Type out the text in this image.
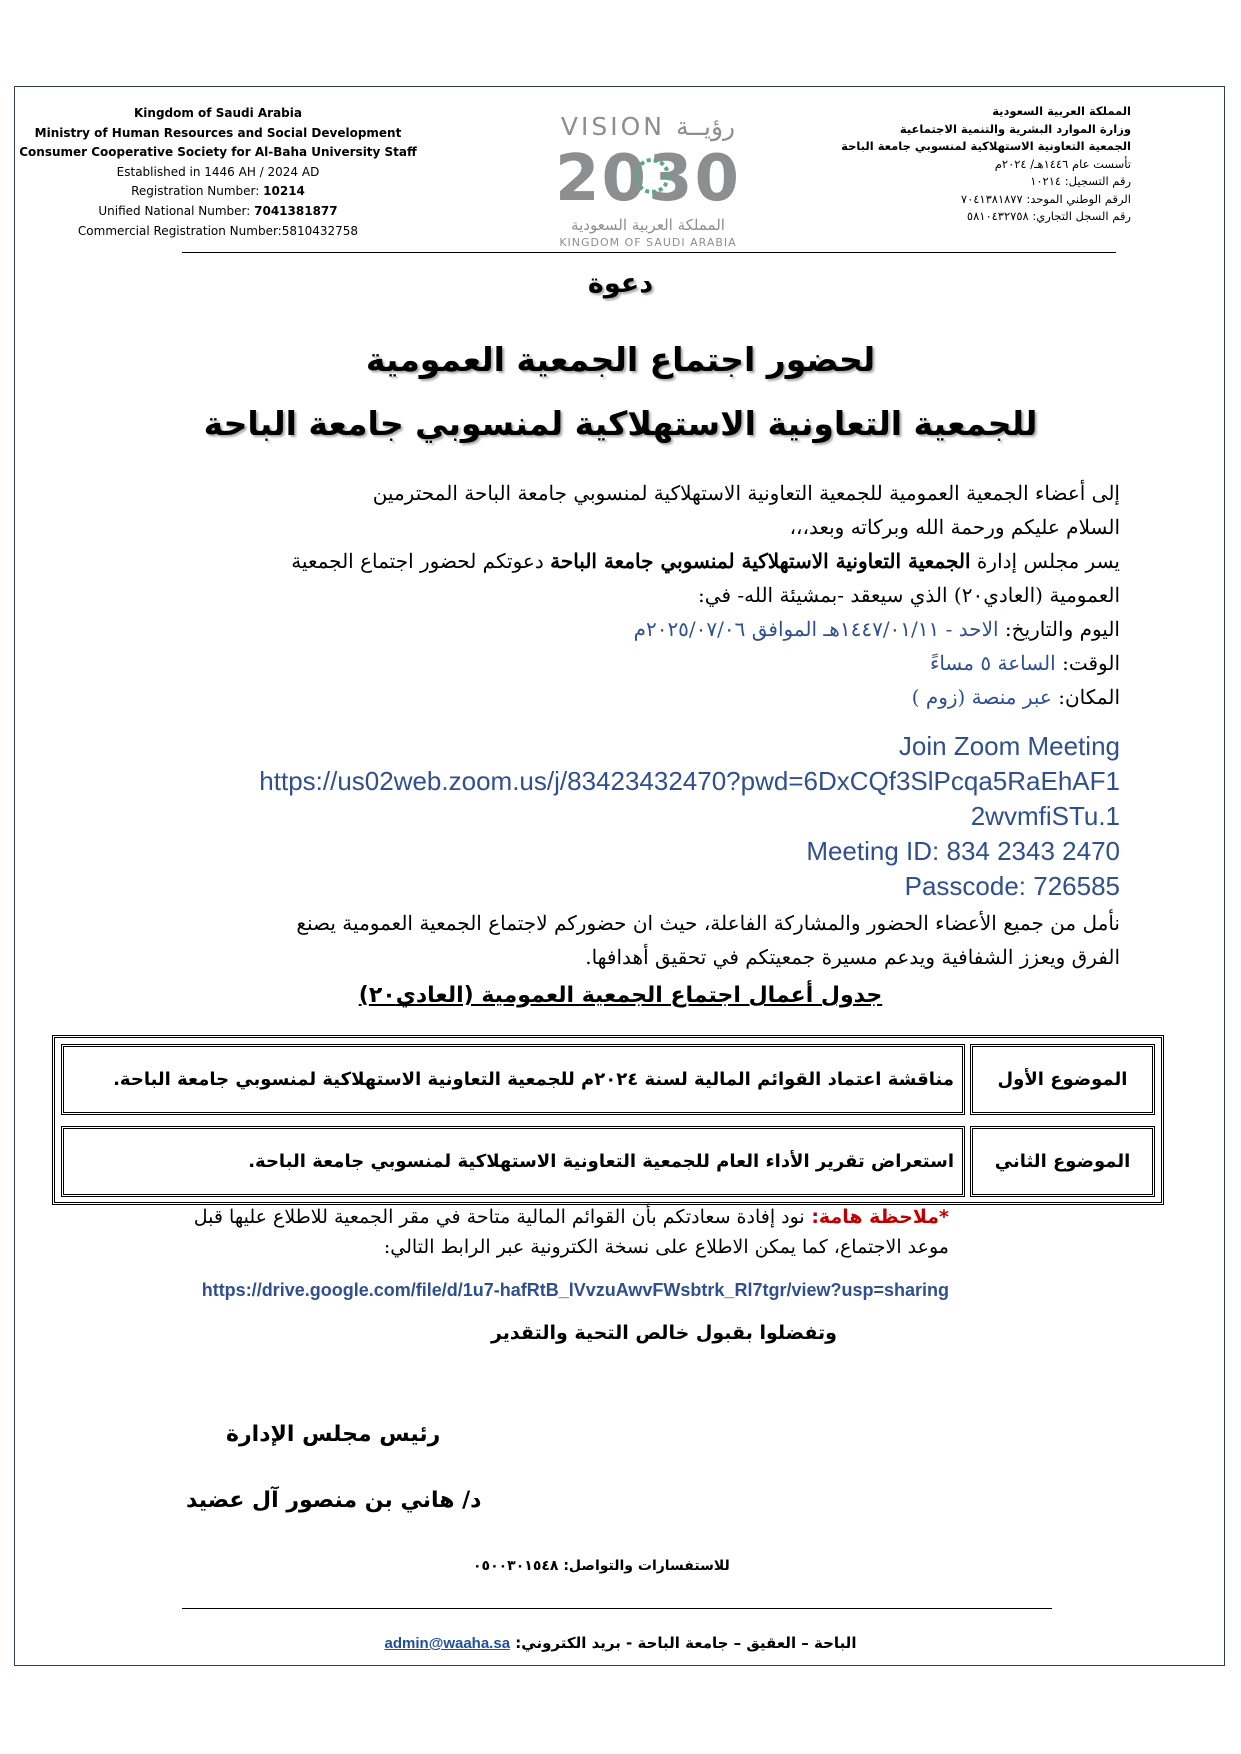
Kingdom of Saudi Arabia
Ministry of Human Resources and Social Development
Consumer Cooperative Society for Al-Baha University Staff
Established in 1446 AH / 2024 AD
Registration Number: 10214
Unified National Number: 7041381877
Commercial Registration Number:5810432758
VISION رؤيــة
2030
المملكة العربية السعودية
KINGDOM OF SAUDI ARABIA
المملكة العربية السعودية
وزارة الموارد البشرية والتنمية الاجتماعية
الجمعية التعاونية الاستهلاكية لمنسوبي جامعة الباحة
تأسست عام ١٤٤٦هـ/ ٢٠٢٤م
رقم التسجيل: ١٠٢١٤
الرقم الوطني الموحد: ٧٠٤١٣٨١٨٧٧
رقم السجل التجاري: ٥٨١٠٤٣٢٧٥٨
دعوة
لحضور اجتماع الجمعية العمومية
للجمعية التعاونية الاستهلاكية لمنسوبي جامعة الباحة
إلى أعضاء الجمعية العمومية للجمعية التعاونية الاستهلاكية لمنسوبي جامعة الباحة المحترمين
السلام عليكم ورحمة الله وبركاته وبعد،،،
يسر مجلس إدارة الجمعية التعاونية الاستهلاكية لمنسوبي جامعة الباحة دعوتكم لحضور اجتماع الجمعية
العمومية (العادي٢٠) الذي سيعقد -بمشيئة الله- في:
اليوم والتاريخ: الاحد - ١٤٤٧/٠١/١١هـ الموافق ٢٠٢٥/٠٧/٠٦م
الوقت: الساعة ٥ مساءً
المكان: عبر منصة (زوم )
Join Zoom Meeting
https://us02web.zoom.us/j/83423432470?pwd=6DxCQf3SlPcqa5RaEhAF1
2wvmfiSTu.1
Meeting ID: 834 2343 2470
Passcode: 726585
نأمل من جميع الأعضاء الحضور والمشاركة الفاعلة، حيث ان حضوركم لاجتماع الجمعية العمومية يصنع
الفرق ويعزز الشفافية ويدعم مسيرة جمعيتكم في تحقيق أهدافها.
جدول أعمال اجتماع الجمعية العمومية (العادي٢٠)
الموضوع الأول
مناقشة اعتماد القوائم المالية لسنة ٢٠٢٤م للجمعية التعاونية الاستهلاكية لمنسوبي جامعة الباحة.
الموضوع الثاني
استعراض تقرير الأداء العام للجمعية التعاونية الاستهلاكية لمنسوبي جامعة الباحة.
*ملاحظة هامة: نود إفادة سعادتكم بأن القوائم المالية متاحة في مقر الجمعية للاطلاع عليها قبل
موعد الاجتماع، كما يمكن الاطلاع على نسخة الكترونية عبر الرابط التالي:
https://drive.google.com/file/d/1u7-hafRtB_lVvzuAwvFWsbtrk_Rl7tgr/view?usp=sharing
وتفضلوا بقبول خالص التحية والتقدير
رئيس مجلس الإدارة
د/ هاني بن منصور آل عضيد
للاستفسارات والتواصل: ٠٥٠٠٣٠١٥٤٨
الباحة – العقيق – جامعة الباحة - بريد الكتروني: admin@waaha.sa
